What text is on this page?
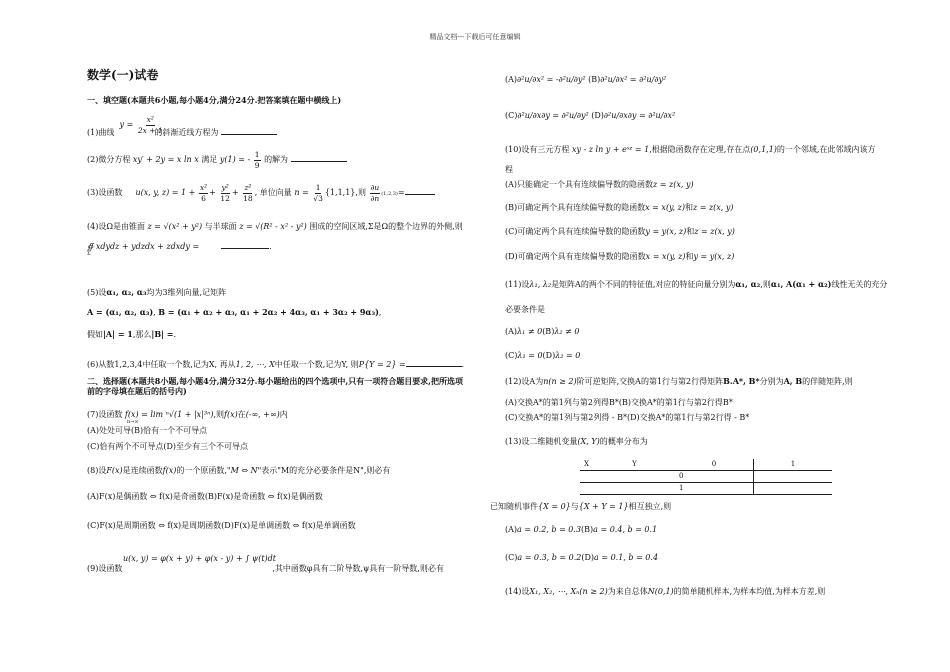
精品文档---下载后可任意编辑
数学(一)试卷
一、填空题(本题共6小题,每小题4分,满分24分.把答案填在题中横线上)
$y = \frac{\text{x²}}{2x + 1}$
(1)曲线	的斜渐近线方程为
(2)微分方程 xy′ + 2y = x ln x 满足 y(1) = - $\frac{1}{9}$ 的解为
(3)设函数 u(x, y, $z) = 1 + \frac{\text{x²}}{6} + \frac{\text{y²}}{12} + \frac{\text{z²}}{18}$ , 单位向量 $n = \frac{1}{√3} \{1,1,1\}$,则 $\frac{\partial u}{\partial n} (1,2,3)=$
(4)设Ω是由锥面 z = √(x² + y²) 与半球面 z = √(R² - x² - y²) 围成的空间区域,Σ是Ω的整个边界的外侧,则
∯ xdydz + ydzdx + zdxdy =	.
Σ
(5)设α₁, α₂, α₃均为3维列向量,记矩阵
A = (α₁, α₂, α₃), B = (α₁ + α₂ + α₃, α₁ + 2α₂ + 4α₃, α₁ + 3α₂ + 9α₃),
假如|A| = 1,那么|B| =.
(6)从数1,2,3,4中任取一个数,记为X, 再从1, 2, ⋯, X中任取一个数,记为Y, 则P{Y = 2} =	.
二、选择题(本题共8小题,每小题4分,满分32分.每小题给出的四个选项中,只有一项符合题目要求,把所选项前的字母填在题后的括号内)
(7)设函数 f(x) = lim ⁿ√(1 + |x|³ⁿ),则f(x)在(-∞, +∞)内
n→∞
(A)处处可导(B)恰有一个不可导点
(C)恰有两个不可导点(D)至少有三个不可导点
(8)设F(x)是连续函数f(x)的一个原函数,"M ⇔ N"表示"M的充分必要条件是N",则必有
(A)F(x)是偶函数 ⇔ f(x)是奇函数(B)F(x)是奇函数 ⇔ f(x)是偶函数
(C)F(x)是周期函数 ⇔ f(x)是周期函数(D)F(x)是单调函数 ⇔ f(x)是单调函数
u(x, y) = φ(x + y) + φ(x - y) + ∫ ψ(t)dt
(9)设函数	,其中函数φ具有二阶导数,ψ具有一阶导数,则必有
(A)∂²u/∂x² = -∂²u/∂y² (B)∂²u/∂x² = ∂²u/∂y²
(C)∂²u/∂x∂y = ∂²u/∂y² (D)∂²u/∂x∂y = ∂²u/∂x²
(10)设有三元方程 xy - z ln y + eˣᶻ = 1,根据隐函数存在定理,存在点(0,1,1)的一个邻域,在此邻域内该方
程
(A)只能确定一个具有连续偏导数的隐函数z = z(x, y)
(B)可确定两个具有连续偏导数的隐函数x = x(y, z)和z = z(x, y)
(C)可确定两个具有连续偏导数的隐函数y = y(x, z)和z = z(x, y)
(D)可确定两个具有连续偏导数的隐函数x = x(y, z)和y = y(x, z)
(11)设λ₁, λ₂是矩阵A的两个不同的特征值,对应的特征向量分别为α₁, α₂,则α₁, A(α₁ + α₂)线性无关的充分
必要条件是
(A)λ₁ ≠ 0(B)λ₂ ≠ 0
(C)λ₁ = 0(D)λ₂ = 0
(12)设A为n(n ≥ 2)阶可逆矩阵,交换A的第1行与第2行得矩阵B.A*, B*分别为A, B的伴随矩阵,则
(A)交换A*的第1列与第2列得B*(B)交换A*的第1行与第2行得B*
(C)交换A*的第1列与第2列得 - B*(D)交换A*的第1行与第2行得 - B*
(13)设二维随机变量(X, Y)的概率分布为
X	Y	0	1
		0	
		1	
已知随机事件{X = 0}与{X + Y = 1}相互独立,则
(A)a = 0.2, b = 0.3(B)a = 0.4, b = 0.1
(C)a = 0.3, b = 0.2(D)a = 0.1, b = 0.4
(14)设X₁, X₂, ⋯, Xₙ(n ≥ 2)为来自总体N(0,1)的简单随机样本,为样本均值,为样本方差,则
